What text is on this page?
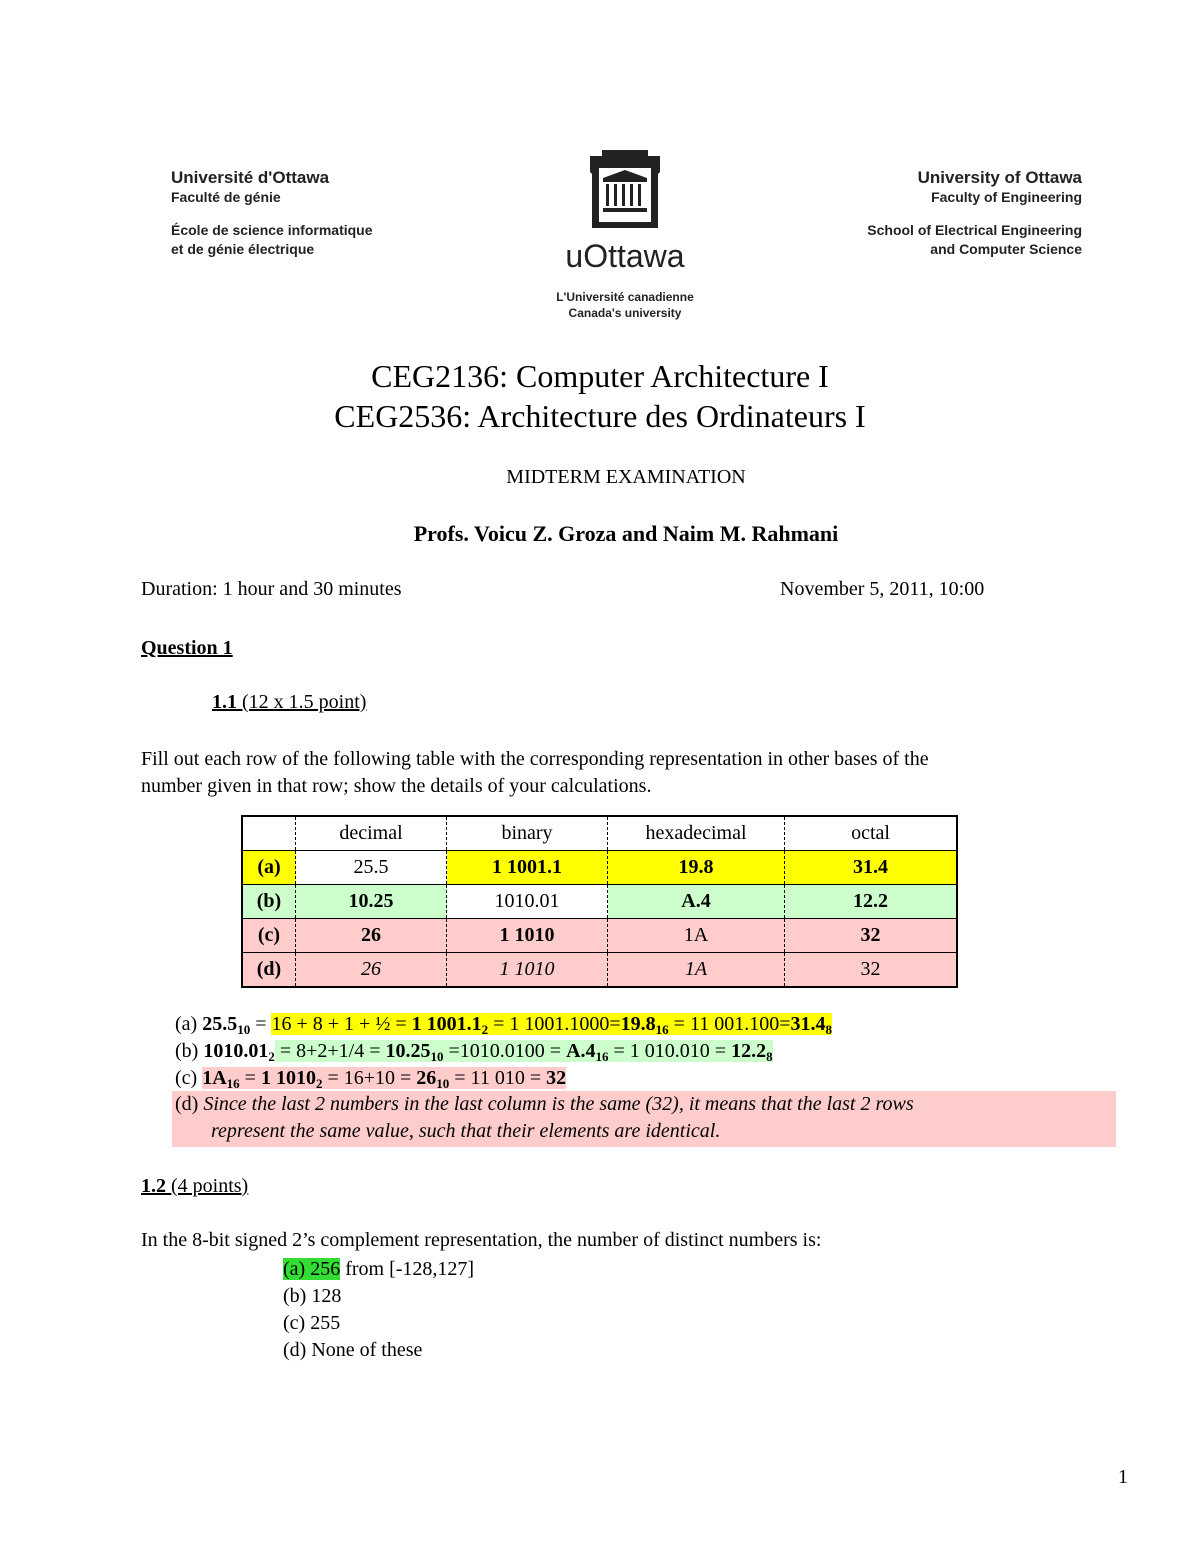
Université d'Ottawa
Faculté de génie
École de science informatique
et de génie électrique	uOttawa
L'Université canadienne
Canada's university
University of Ottawa
Faculty of Engineering
School of Electrical Engineering
and Computer Science
CEG2136: Computer Architecture I
CEG2536: Architecture des Ordinateurs I
MIDTERM EXAMINATION
Profs. Voicu Z. Groza and Naim M. Rahmani
Duration: 1 hour and 30 minutes	November 5, 2011, 10:00
Question 1
1.1 (12 x 1.5 point)
Fill out each row of the following table with the corresponding representation in other bases of the
number given in that row; show the details of your calculations.
	decimal	binary	hexadecimal	octal
(a)	25.5	1 1001.1	19.8	31.4
(b)	10.25	1010.01	A.4	12.2
(c)	26	1 1010	1A	32
(d)	26	1 1010	1A	32
(a) $25.5_{10} = 16 + 8 + 1$ + ½ = 1 $1001.1_2 = 1$ $1001.1000=19.8_{16} = 11$ $001.100=31.4_8$
(b) $1010.01_2 = 8+2+1/4 = 10.25_{10} =1010.0100 = A.4_{16} = 1$ $010.010 = 12.2_8$
(c) $1A_{16} = 1$ $1010_2 = 16+10 = 26_{10} = 11$ 010 = 32
(d) Since the last 2 numbers in the last column is the same (32), it means that the last 2 rows
represent the same value, such that their elements are identical.
1.2 (4 points)
In the 8-bit signed 2’s complement representation, the number of distinct numbers is:
(a) 256 from [-128,127]
(b) 128
(c) 255
(d) None of these
1
